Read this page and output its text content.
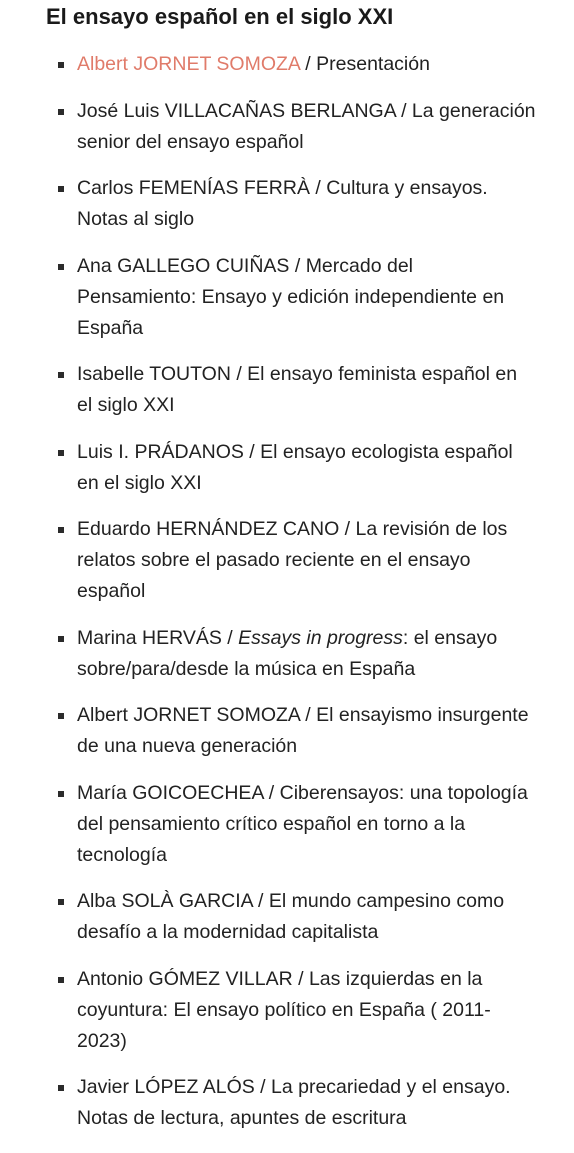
El ensayo español en el siglo XXI
Albert JORNET SOMOZA / Presentación
José Luis VILLACAÑAS BERLANGA / La generación senior del ensayo español
Carlos FEMENÍAS FERRÀ / Cultura y ensayos. Notas al siglo
Ana GALLEGO CUIÑAS / Mercado del Pensamiento: Ensayo y edición independiente en España
Isabelle TOUTON / El ensayo feminista español en el siglo XXI
Luis I. PRÁDANOS / El ensayo ecologista español en el siglo XXI
Eduardo HERNÁNDEZ CANO / La revisión de los relatos sobre el pasado reciente en el ensayo español
Marina HERVÁS / Essays in progress: el ensayo sobre/para/desde la música en España
Albert JORNET SOMOZA / El ensayismo insurgente de una nueva generación
María GOICOECHEA / Ciberensayos: una topología del pensamiento crítico español en torno a la tecnología
Alba SOLÀ GARCIA / El mundo campesino como desafío a la modernidad capitalista
Antonio GÓMEZ VILLAR / Las izquierdas en la coyuntura: El ensayo político en España ( 2011-2023)
Javier LÓPEZ ALÓS / La precariedad y el ensayo. Notas de lectura, apuntes de escritura
